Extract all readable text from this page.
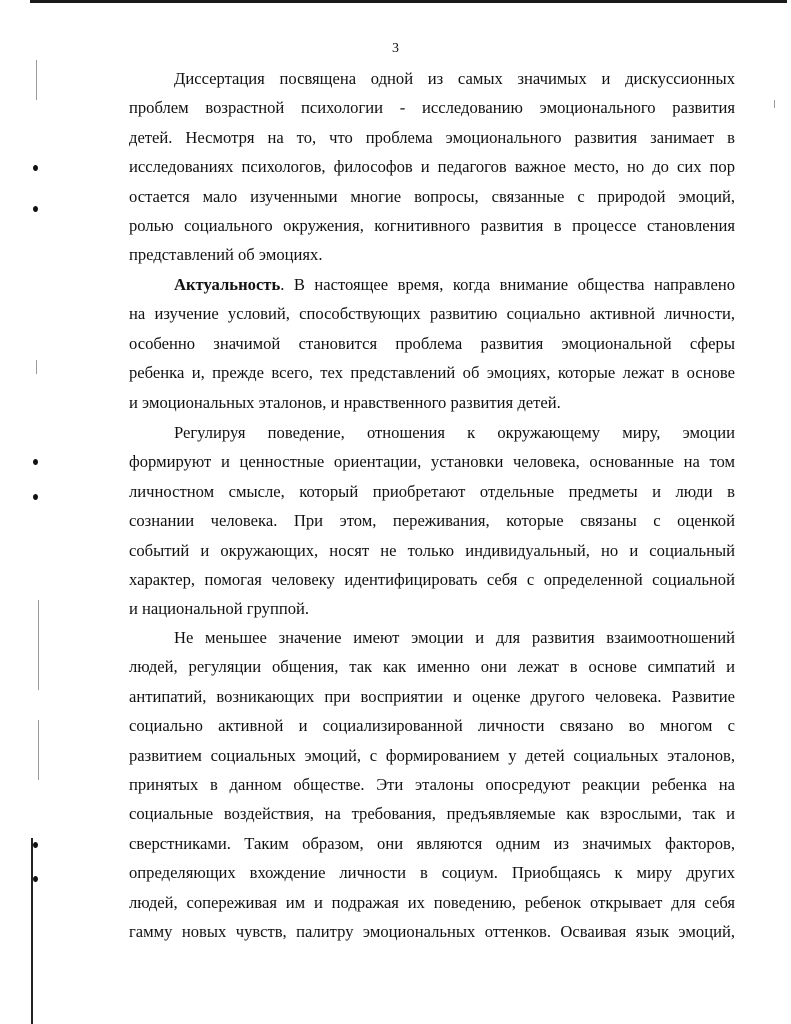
3
Диссертация посвящена одной из самых значимых и дискуссионных
проблем возрастной психологии - исследованию эмоционального развития
детей. Несмотря на то, что проблема эмоционального развития занимает в
исследованиях психологов, философов и педагогов важное место, но до сих пор
остается мало изученными многие вопросы, связанные с природой эмоций,
ролью социального окружения, когнитивного развития в процессе становления
представлений об эмоциях.
Актуальность. В настоящее время, когда внимание общества направлено
на изучение условий, способствующих развитию социально активной личности,
особенно значимой становится проблема развития эмоциональной сферы
ребенка и, прежде всего, тех представлений об эмоциях, которые лежат в основе
и эмоциональных эталонов, и нравственного развития детей.
Регулируя поведение, отношения к окружающему миру, эмоции
формируют и ценностные ориентации, установки человека, основанные на том
личностном смысле, который приобретают отдельные предметы и люди в
сознании человека. При этом, переживания, которые связаны с оценкой
событий и окружающих, носят не только индивидуальный, но и социальный
характер, помогая человеку идентифицировать себя с определенной социальной
и национальной группой.
Не меньшее значение имеют эмоции и для развития взаимоотношений
людей, регуляции общения, так как именно они лежат в основе симпатий и
антипатий, возникающих при восприятии и оценке другого человека. Развитие
социально активной и социализированной личности связано во многом с
развитием социальных эмоций, с формированием у детей социальных эталонов,
принятых в данном обществе. Эти эталоны опосредуют реакции ребенка на
социальные воздействия, на требования, предъявляемые как взрослыми, так и
сверстниками. Таким образом, они являются одним из значимых факторов,
определяющих вхождение личности в социум. Приобщаясь к миру других
людей, сопереживая им и подражая их поведению, ребенок открывает для себя
гамму новых чувств, палитру эмоциональных оттенков. Осваивая язык эмоций,
